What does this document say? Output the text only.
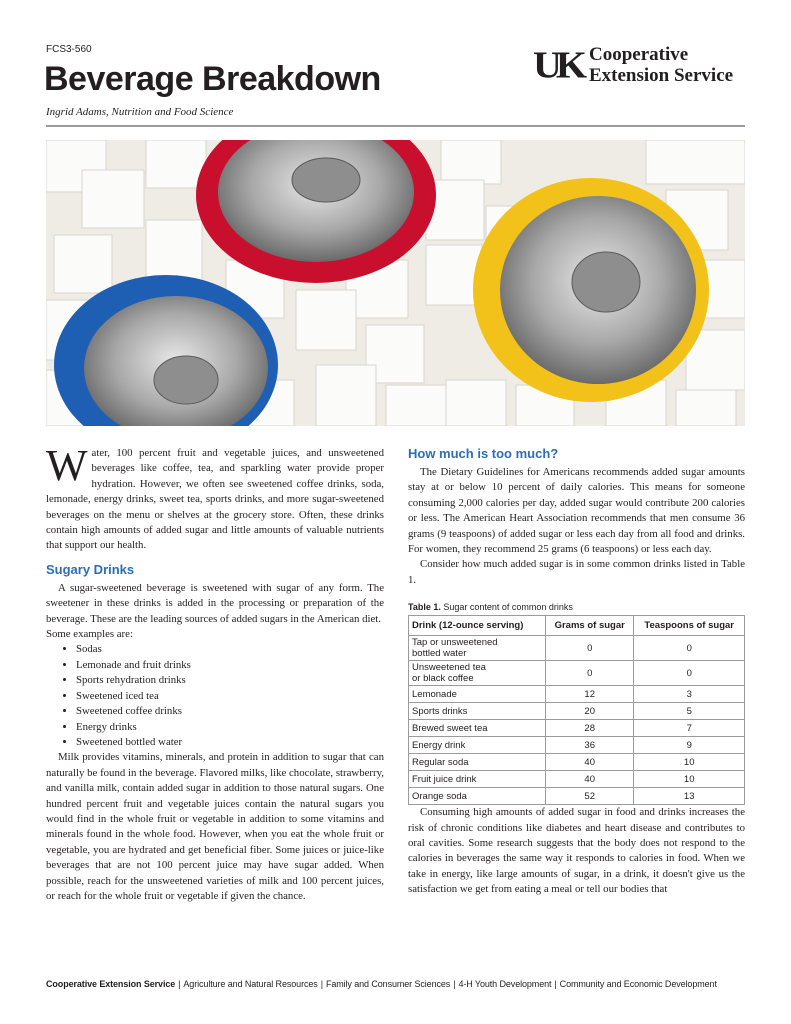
FCS3-560
Beverage Breakdown
Ingrid Adams, Nutrition and Food Science
UK Cooperative
Extension Service

Water, 100 percent fruit and vegetable juices, and unsweetened beverages like coffee, tea, and sparkling water provide proper hydration. However, we often see sweetened coffee drinks, soda, lemonade, energy drinks, sweet tea, sports drinks, and more sugar-sweetened beverages on the menu or shelves at the grocery store. Often, these drinks contain high amounts of added sugar and little amounts of valuable nutrients that support our health.

Sugary Drinks

A sugar-sweetened beverage is sweetened with sugar of any form. The sweetener in these drinks is added in the processing or preparation of the beverage. These are the leading sources of added sugars in the American diet.

Some examples are:

• Sodas
• Lemonade and fruit drinks
• Sports rehydration drinks
• Sweetened iced tea
• Sweetened coffee drinks
• Energy drinks
• Sweetened bottled water

Milk provides vitamins, minerals, and protein in addition to sugar that can naturally be found in the beverage. Flavored milks, like chocolate, strawberry, and vanilla milk, contain added sugar in addition to those natural sugars. One hundred percent fruit and vegetable juices contain the natural sugars you would find in the whole fruit or vegetable in addition to some vitamins and minerals found in the whole food. However, when you eat the whole fruit or vegetable, you are hydrated and get beneficial fiber. Some juices or juice-like beverages that are not 100 percent juice may have sugar added. When possible, reach for the unsweetened varieties of milk and 100 percent juices, or reach for the whole fruit or vegetable if given the chance.

How much is too much?

The Dietary Guidelines for Americans recommends added sugar amounts stay at or below 10 percent of daily calories. This means for someone consuming 2,000 calories per day, added sugar would contribute 200 calories or less. The American Heart Association recommends that men consume 36 grams (9 teaspoons) of added sugar or less each day from all food and drinks. For women, they recommend 25 grams (6 teaspoons) or less each day.

Consider how much added sugar is in some common drinks listed in Table 1.

Table 1. Sugar content of common drinks
Drink (12-ounce serving)	Grams of sugar	Teaspoons of sugar
Tap or unsweetened
bottled water	0	0
Unsweetened tea
or black coffee	0	0
Lemonade	12	3
Sports drinks	20	5
Brewed sweet tea	28	7
Energy drink	36	9
Regular soda	40	10
Fruit juice drink	40	10
Orange soda	52	13

Consuming high amounts of added sugar in food and drinks increases the risk of chronic conditions like diabetes and heart disease and contributes to oral cavities. Some research suggests that the body does not respond to the calories in beverages the same way it responds to calories in food. When we take in energy, like large amounts of sugar, in a drink, it doesn't give us the satisfaction we get from eating a meal or tell our bodies that

Cooperative Extension Service | Agriculture and Natural Resources | Family and Consumer Sciences | 4-H Youth Development | Community and Economic Development
